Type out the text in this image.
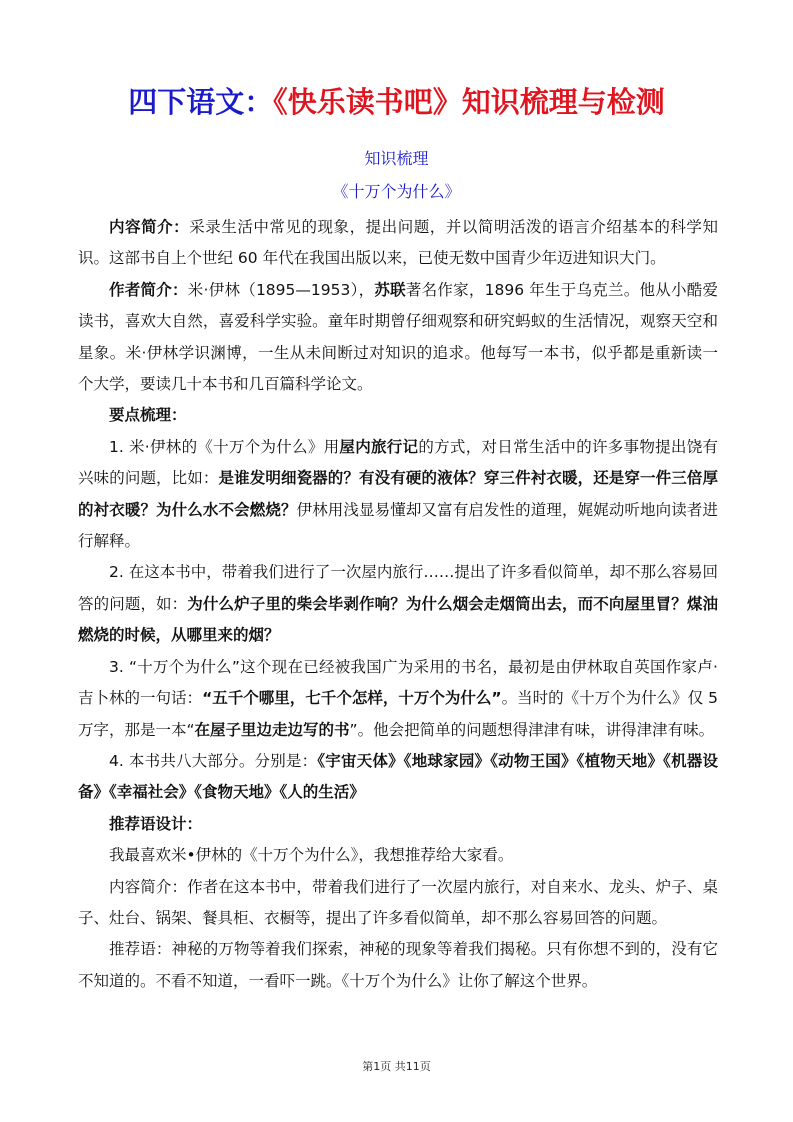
四下语文：《快乐读书吧》知识梳理与检测
知识梳理
《十万个为什么》

内容简介：采录生活中常见的现象，提出问题，并以简明活泼的语言介绍基本的科学知识。这部书自上个世纪 60 年代在我国出版以来，已使无数中国青少年迈进知识大门。

作者简介：米·伊林（1895—1953），苏联著名作家，1896 年生于乌克兰。他从小酷爱读书，喜欢大自然，喜爱科学实验。童年时期曾仔细观察和研究蚂蚁的生活情况，观察天空和星象。米·伊林学识渊博，一生从未间断过对知识的追求。他每写一本书，似乎都是重新读一个大学，要读几十本书和几百篇科学论文。

要点梳理：

1. 米·伊林的《十万个为什么》用屋内旅行记的方式，对日常生活中的许多事物提出饶有兴味的问题，比如：是谁发明细瓷器的？有没有硬的液体？穿三件衬衣暖，还是穿一件三倍厚的衬衣暖？为什么水不会燃烧？伊林用浅显易懂却又富有启发性的道理，娓娓动听地向读者进行解释。

2. 在这本书中，带着我们进行了一次屋内旅行……提出了许多看似简单，却不那么容易回答的问题，如：为什么炉子里的柴会毕剥作响？为什么烟会走烟筒出去，而不向屋里冒？煤油燃烧的时候，从哪里来的烟？

3. “十万个为什么”这个现在已经被我国广为采用的书名，最初是由伊林取自英国作家卢·吉卜林的一句话：“五千个哪里，七千个怎样，十万个为什么”。当时的《十万个为什么》仅 5 万字，那是一本“在屋子里边走边写的书”。他会把简单的问题想得津津有味，讲得津津有味。

4. 本书共八大部分。分别是：《宇宙天体》《地球家园》《动物王国》《植物天地》《机器设备》《幸福社会》《食物天地》《人的生活》

推荐语设计：

我最喜欢米•伊林的《十万个为什么》，我想推荐给大家看。

内容简介：作者在这本书中，带着我们进行了一次屋内旅行，对自来水、龙头、炉子、桌子、灶台、锅架、餐具柜、衣橱等，提出了许多看似简单，却不那么容易回答的问题。

推荐语：神秘的万物等着我们探索，神秘的现象等着我们揭秘。只有你想不到的，没有它不知道的。不看不知道，一看吓一跳。《十万个为什么》让你了解这个世界。

第1页 共11页
